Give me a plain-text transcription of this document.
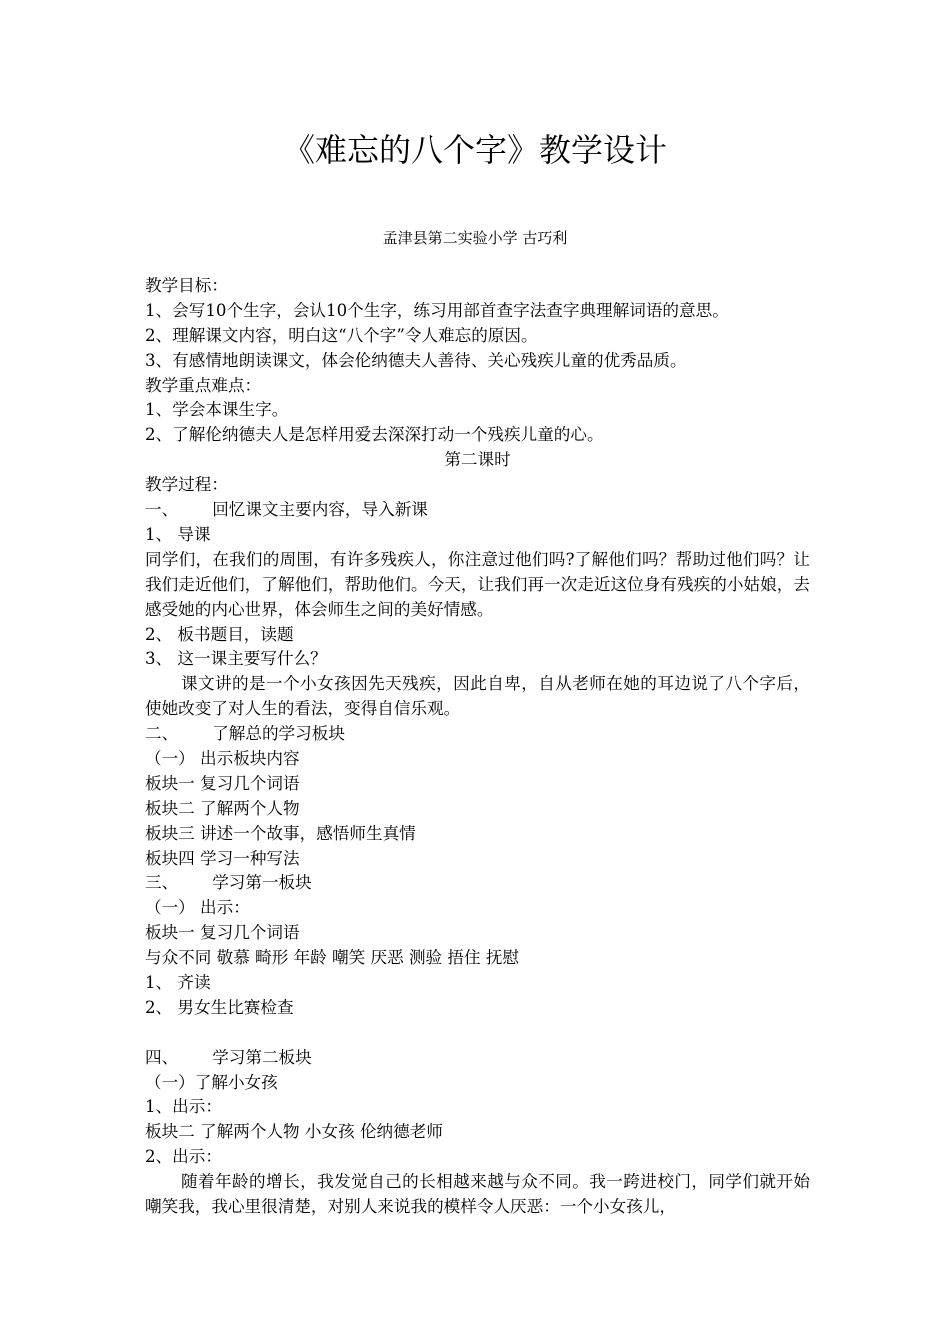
《难忘的八个字》教学设计
孟津县第二实验小学 古巧利
教学目标：
1、会写10个生字，会认10个生字，练习用部首查字法查字典理解词语的意思。
2、理解课文内容，明白这“八个字”令人难忘的原因。
3、有感情地朗读课文，体会伦纳德夫人善待、关心残疾儿童的优秀品质。
教学重点难点：
1、学会本课生字。
2、了解伦纳德夫人是怎样用爱去深深打动一个残疾儿童的心。
第二课时
教学过程：
一、 回忆课文主要内容，导入新课
1、 导课
同学们，在我们的周围，有许多残疾人，你注意过他们吗?了解他们吗？帮助过他们吗？让我们走近他们，了解他们，帮助他们。今天，让我们再一次走近这位身有残疾的小姑娘，去感受她的内心世界，体会师生之间的美好情感。
2、 板书题目，读题
3、 这一课主要写什么？
课文讲的是一个小女孩因先天残疾，因此自卑，自从老师在她的耳边说了八个字后，使她改变了对人生的看法，变得自信乐观。
二、 了解总的学习板块
（一） 出示板块内容
板块一 复习几个词语
板块二 了解两个人物
板块三 讲述一个故事，感悟师生真情
板块四 学习一种写法
三、 学习第一板块
（一） 出示：
板块一 复习几个词语
与众不同 敬慕 畸形 年龄 嘲笑 厌恶 测验 捂住 抚慰
1、 齐读
2、 男女生比赛检查
四、 学习第二板块
（一）了解小女孩
1、出示：
板块二 了解两个人物 小女孩 伦纳德老师
2、出示：
随着年龄的增长，我发觉自己的长相越来越与众不同。我一跨进校门，同学们就开始嘲笑我，我心里很清楚，对别人来说我的模样令人厌恶：一个小女孩儿，
